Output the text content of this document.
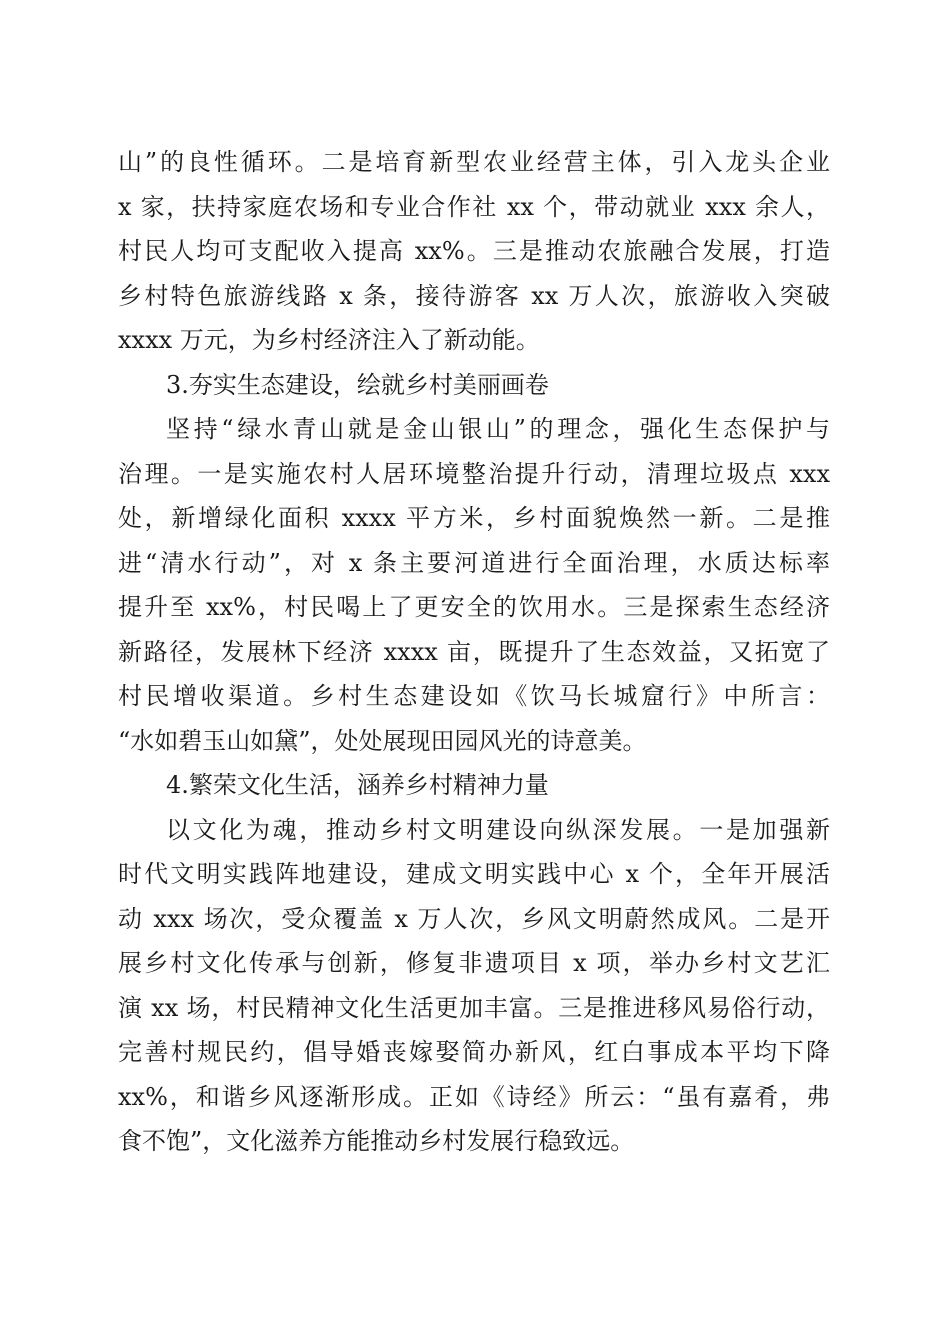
山”的良性循环。二是培育新型农业经营主体，引入龙头企业
x 家，扶持家庭农场和专业合作社 xx 个，带动就业 xxx 余人，
村民人均可支配收入提高 xx%。三是推动农旅融合发展，打造
乡村特色旅游线路 x 条，接待游客 xx 万人次，旅游收入突破
xxxx 万元，为乡村经济注入了新动能。
3.夯实生态建设，绘就乡村美丽画卷
坚持“绿水青山就是金山银山”的理念，强化生态保护与
治理。一是实施农村人居环境整治提升行动，清理垃圾点 xxx
处，新增绿化面积 xxxx 平方米，乡村面貌焕然一新。二是推
进“清水行动”，对 x 条主要河道进行全面治理，水质达标率
提升至 xx%，村民喝上了更安全的饮用水。三是探索生态经济
新路径，发展林下经济 xxxx 亩，既提升了生态效益，又拓宽了
村民增收渠道。乡村生态建设如《饮马长城窟行》中所言：
“水如碧玉山如黛”，处处展现田园风光的诗意美。
4.繁荣文化生活，涵养乡村精神力量
以文化为魂，推动乡村文明建设向纵深发展。一是加强新
时代文明实践阵地建设，建成文明实践中心 x 个，全年开展活
动 xxx 场次，受众覆盖 x 万人次，乡风文明蔚然成风。二是开
展乡村文化传承与创新，修复非遗项目 x 项，举办乡村文艺汇
演 xx 场，村民精神文化生活更加丰富。三是推进移风易俗行动，
完善村规民约，倡导婚丧嫁娶简办新风，红白事成本平均下降
xx%，和谐乡风逐渐形成。正如《诗经》所云：“虽有嘉肴，弗
食不饱”，文化滋养方能推动乡村发展行稳致远。
